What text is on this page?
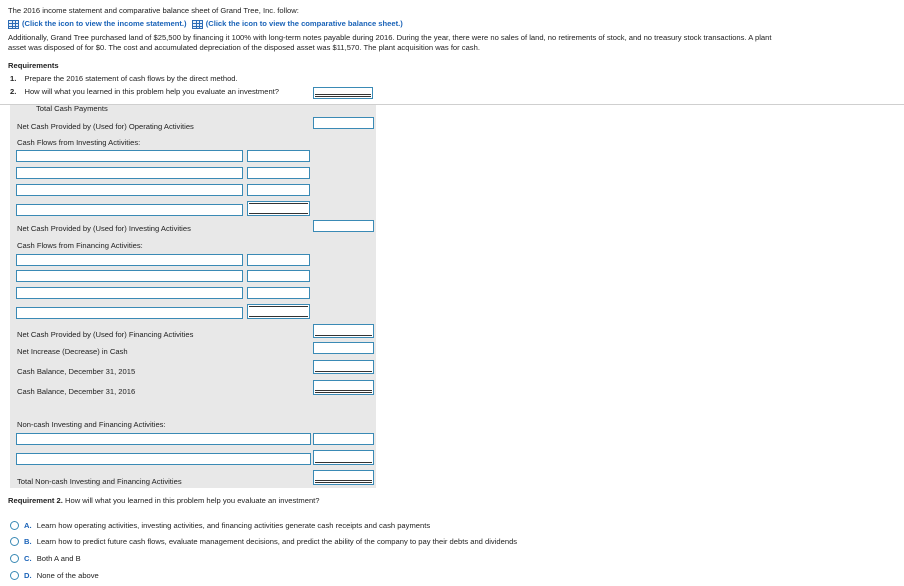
The 2016 income statement and comparative balance sheet of Grand Tree, Inc. follow:
(Click the icon to view the income statement.)	(Click the icon to view the comparative balance sheet.)
Additionally, Grand Tree purchased land of $25,500 by financing it 100% with long-term notes payable during 2016. During the year, there were no sales of land, no retirements of stock, and no treasury stock transactions. A plant
asset was disposed of for $0. The cost and accumulated depreciation of the disposed asset was $11,570. The plant acquisition was for cash.
Requirements
1. Prepare the 2016 statement of cash flows by the direct method.
2. How will what you learned in this problem help you evaluate an investment?
Total Cash Payments
Net Cash Provided by (Used for) Operating Activities
Cash Flows from Investing Activities:
Net Cash Provided by (Used for) Investing Activities
Cash Flows from Financing Activities:
Net Cash Provided by (Used for) Financing Activities
Net Increase (Decrease) in Cash
Cash Balance, December 31, 2015
Cash Balance, December 31, 2016
Non-cash Investing and Financing Activities:
Total Non-cash Investing and Financing Activities
Requirement 2. How will what you learned in this problem help you evaluate an investment?
A. Learn how operating activities, investing activities, and financing activities generate cash receipts and cash payments
B. Learn how to predict future cash flows, evaluate management decisions, and predict the ability of the company to pay their debts and dividends
C. Both A and B
D. None of the above
